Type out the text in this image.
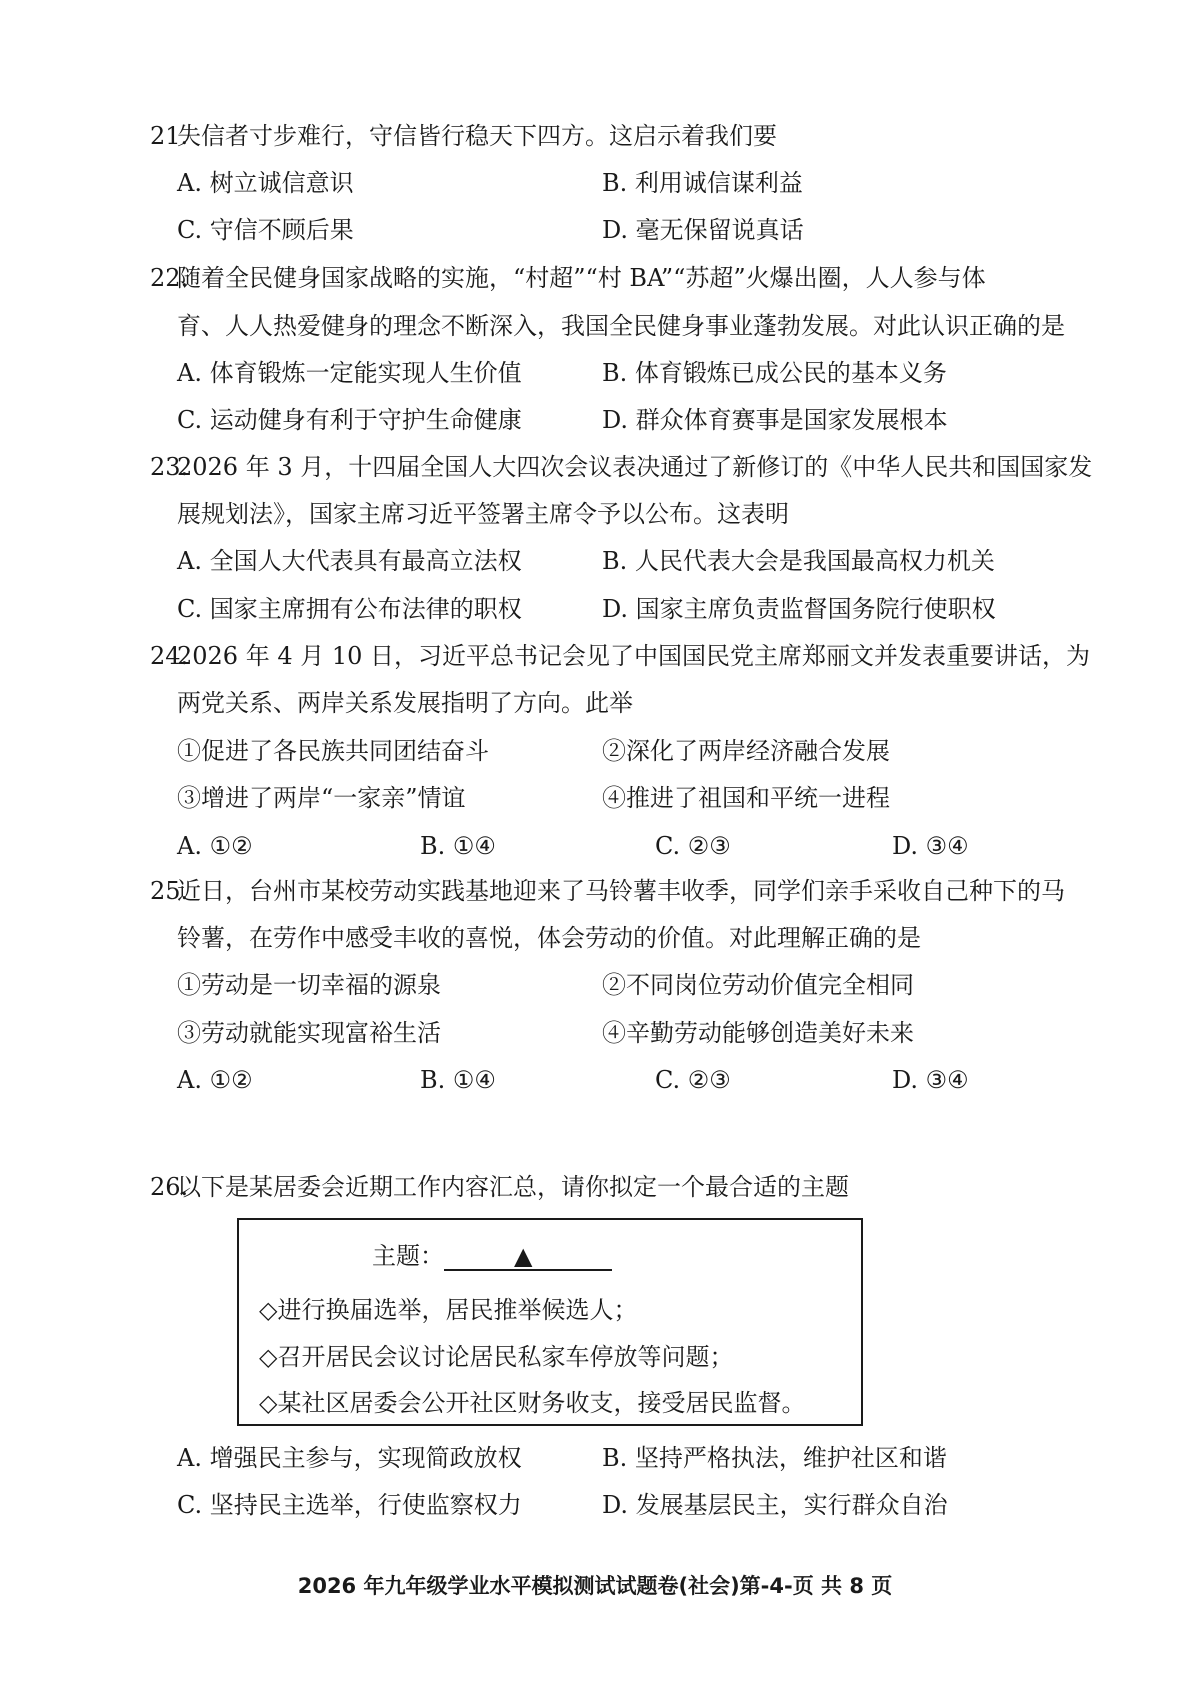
21.
失信者寸步难行，守信皆行稳天下四方。这启示着我们要
A. 树立诚信意识	B. 利用诚信谋利益
C. 守信不顾后果	D. 毫无保留说真话
22.
随着全民健身国家战略的实施，“村超”“村 BA”“苏超”火爆出圈，人人参与体
育、人人热爱健身的理念不断深入，我国全民健身事业蓬勃发展。对此认识正确的是
A. 体育锻炼一定能实现人生价值	B. 体育锻炼已成公民的基本义务
C. 运动健身有利于守护生命健康	D. 群众体育赛事是国家发展根本
23.
2026 年 3 月，十四届全国人大四次会议表决通过了新修订的《中华人民共和国国家发
展规划法》，国家主席习近平签署主席令予以公布。这表明
A. 全国人大代表具有最高立法权	B. 人民代表大会是我国最高权力机关
C. 国家主席拥有公布法律的职权	D. 国家主席负责监督国务院行使职权
24.
2026 年 4 月 10 日，习近平总书记会见了中国国民党主席郑丽文并发表重要讲话，为
两党关系、两岸关系发展指明了方向。此举
①促进了各民族共同团结奋斗	②深化了两岸经济融合发展
③增进了两岸“一家亲”情谊	④推进了祖国和平统一进程
A. ①②	B. ①④	C. ②③	D. ③④
25.
近日，台州市某校劳动实践基地迎来了马铃薯丰收季，同学们亲手采收自己种下的马
铃薯，在劳作中感受丰收的喜悦，体会劳动的价值。对此理解正确的是
①劳动是一切幸福的源泉	②不同岗位劳动价值完全相同
③劳动就能实现富裕生活	④辛勤劳动能够创造美好未来
A. ①②	B. ①④	C. ②③	D. ③④
26.
以下是某居委会近期工作内容汇总，请你拟定一个最合适的主题
主题：	▲
◇进行换届选举，居民推举候选人；
◇召开居民会议讨论居民私家车停放等问题；
◇某社区居委会公开社区财务收支，接受居民监督。
A. 增强民主参与，实现简政放权	B. 坚持严格执法，维护社区和谐
C. 坚持民主选举，行使监察权力	D. 发展基层民主，实行群众自治
2026 年九年级学业水平模拟测试试题卷(社会)第-4-页 共 8 页
